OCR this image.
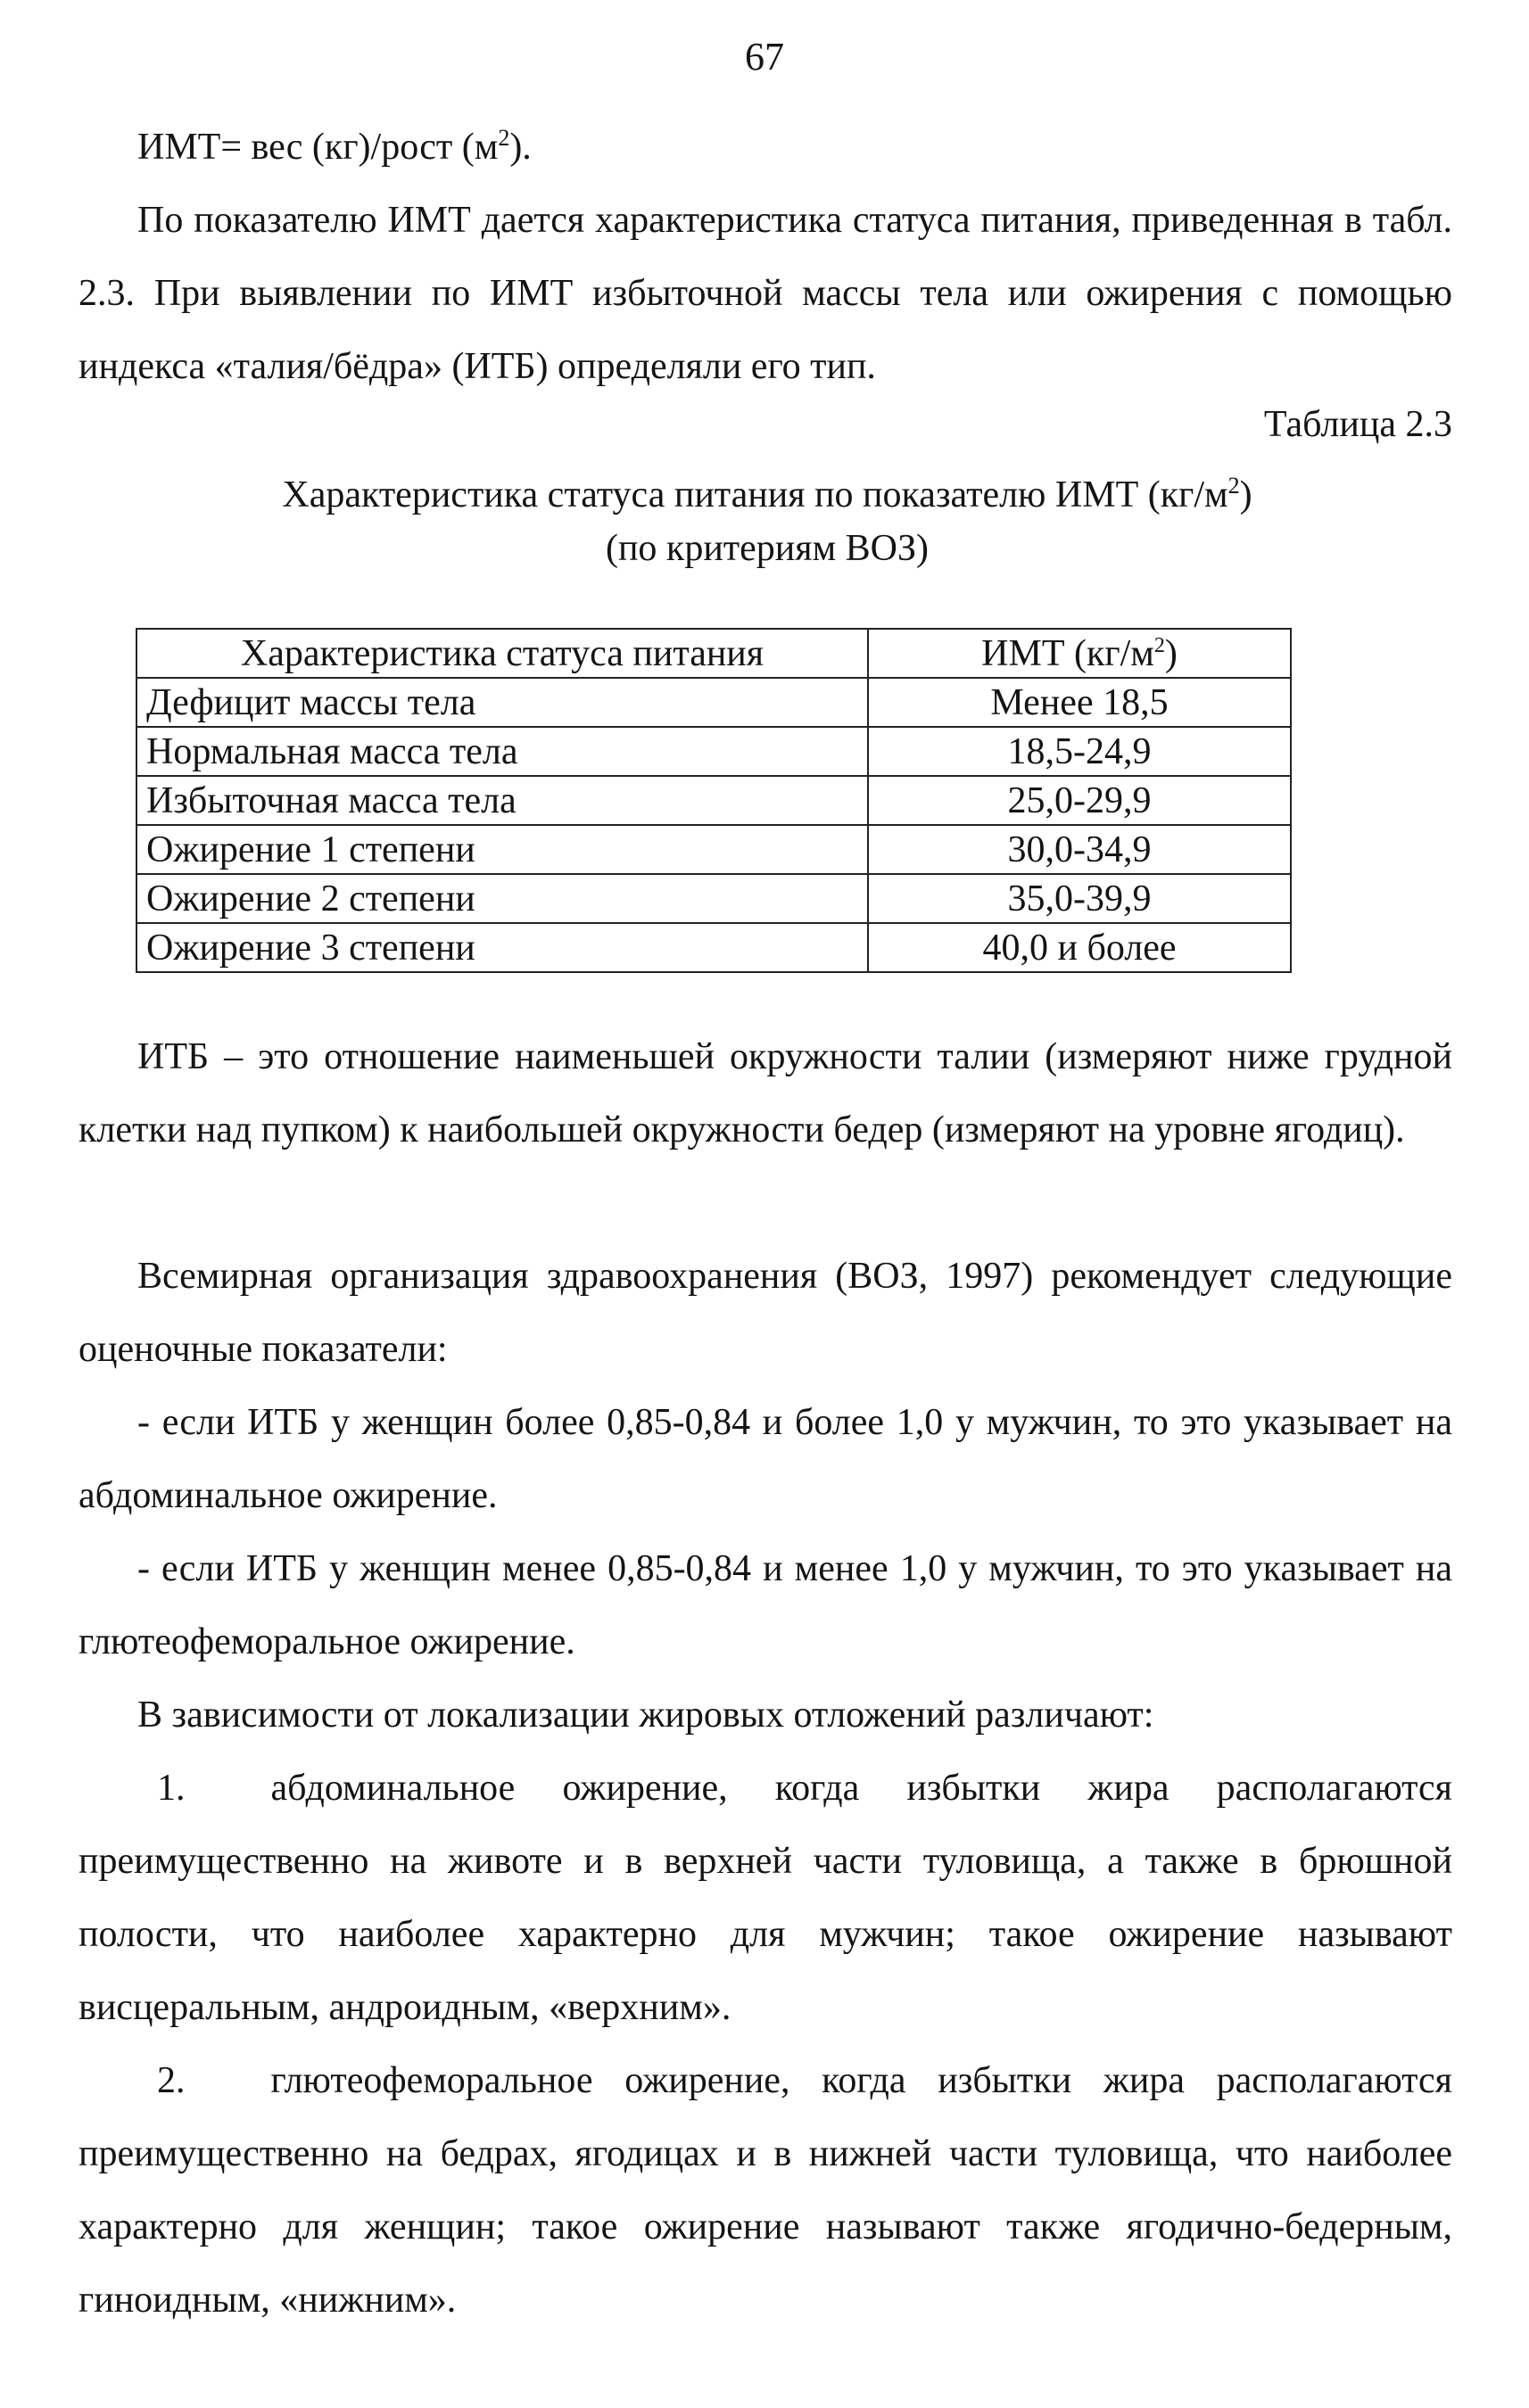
67
ИМТ= вес (кг)/рост $(м^2)$.

По показателю ИМТ дается характеристика статуса питания, приведенная в табл. 2.3. При выявлении по ИМТ избыточной массы тела или ожирения с помощью индекса «талия/бёдра» (ИТБ) определяли его тип.

Таблица 2.3
Характеристика статуса питания по показателю ИМТ $(кг/м^2)$
(по критериям ВОЗ)
Характеристика статуса питания	ИМТ $(кг/м^2)$
Дефицит массы тела	Менее 18,5
Нормальная масса тела	18,5-24,9
Избыточная масса тела	25,0-29,9
Ожирение 1 степени	30,0-34,9
Ожирение 2 степени	35,0-39,9
Ожирение 3 степени	40,0 и более

ИТБ – это отношение наименьшей окружности талии (измеряют ниже грудной клетки над пупком) к наибольшей окружности бедер (измеряют на уровне ягодиц).

Всемирная организация здравоохранения (ВОЗ, 1997) рекомендует следующие оценочные показатели:

- если ИТБ у женщин более 0,85-0,84 и более 1,0 у мужчин, то это указывает на абдоминальное ожирение.

- если ИТБ у женщин менее 0,85-0,84 и менее 1,0 у мужчин, то это указывает на глютеофеморальное ожирение.

В зависимости от локализации жировых отложений различают:

1. абдоминальное ожирение, когда избытки жира располагаются преимущественно на животе и в верхней части туловища, а также в брюшной полости, что наиболее характерно для мужчин; такое ожирение называют висцеральным, андроидным, «верхним».

2. глютеофеморальное ожирение, когда избытки жира располагаются преимущественно на бедрах, ягодицах и в нижней части туловища, что наиболее характерно для женщин; такое ожирение называют также ягодично-бедерным, гиноидным, «нижним».
